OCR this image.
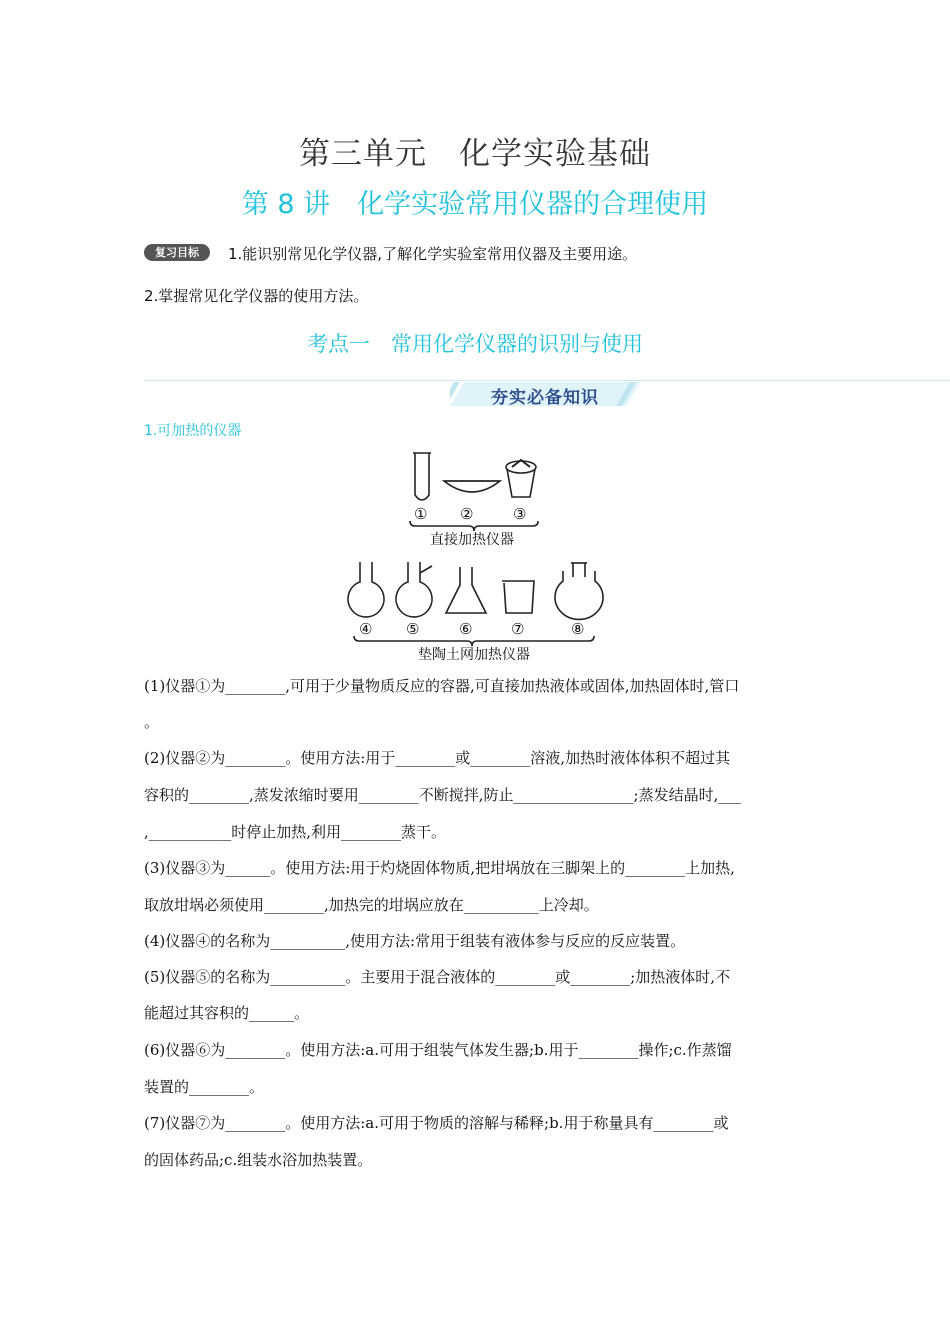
第三单元　化学实验基础
第 8 讲　化学实验常用仪器的合理使用
复习目标	1.能识别常见化学仪器,了解化学实验室常用仪器及主要用途。
2.掌握常见化学仪器的使用方法。
考点一　常用化学仪器的识别与使用
夯实必备知识
1.可加热的仪器
① ②	③
直接加热仪器
④ ⑤	⑥	⑦	⑧
垫陶土网加热仪器
(1)仪器①为________,可用于少量物质反应的容器,可直接加热液体或固体,加热固体时,管口
。
(2)仪器②为________。使用方法:用于________或________溶液,加热时液体体积不超过其
容积的________,蒸发浓缩时要用________不断搅拌,防止________________;蒸发结晶时,___
,___________时停止加热,利用________蒸干。
(3)仪器③为______。使用方法:用于灼烧固体物质,把坩埚放在三脚架上的________上加热,
取放坩埚必须使用________,加热完的坩埚应放在__________上冷却。
(4)仪器④的名称为__________,使用方法:常用于组装有液体参与反应的反应装置。
(5)仪器⑤的名称为__________。主要用于混合液体的________或________;加热液体时,不
能超过其容积的______。
(6)仪器⑥为________。使用方法:a.可用于组装气体发生器;b.用于________操作;c.作蒸馏
装置的________。
(7)仪器⑦为________。使用方法:a.可用于物质的溶解与稀释;b.用于称量具有________或
的固体药品;c.组装水浴加热装置。
